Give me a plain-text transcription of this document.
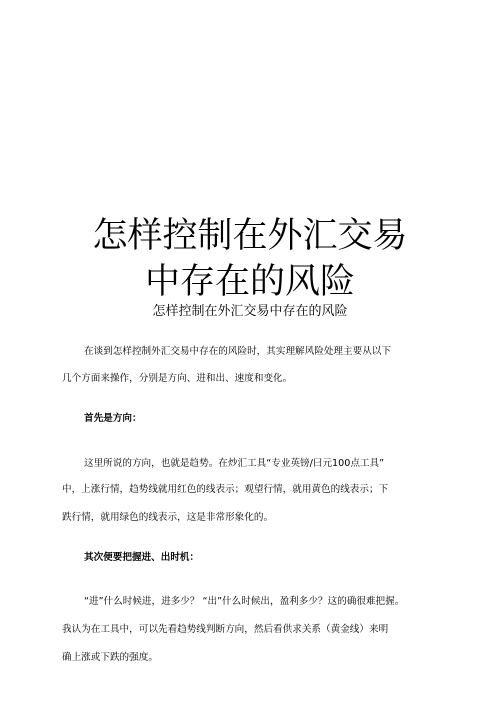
怎样控制在外汇交易
中存在的风险

怎样控制在外汇交易中存在的风险

在谈到怎样控制外汇交易中存在的风险时，其实理解风险处理主要从以下

几个方面来操作，分别是方向、进和出、速度和变化。

首先是方向：

这里所说的方向，也就是趋势。在炒汇工具“专业英镑/曰元100点工具”

中，上涨行情，趋势线就用红色的线表示；观望行情，就用黄色的线表示；下

跌行情，就用绿色的线表示，这是非常形象化的。

其次便要把握进、出时机：

“进”什么时候进，进多少？ “出”什么时候出，盈利多少？这的确很难把握。

我认为在工具中，可以先看趋势线判断方向，然后看供求关系（黄金线）来明

确上涨或下跌的强度。
